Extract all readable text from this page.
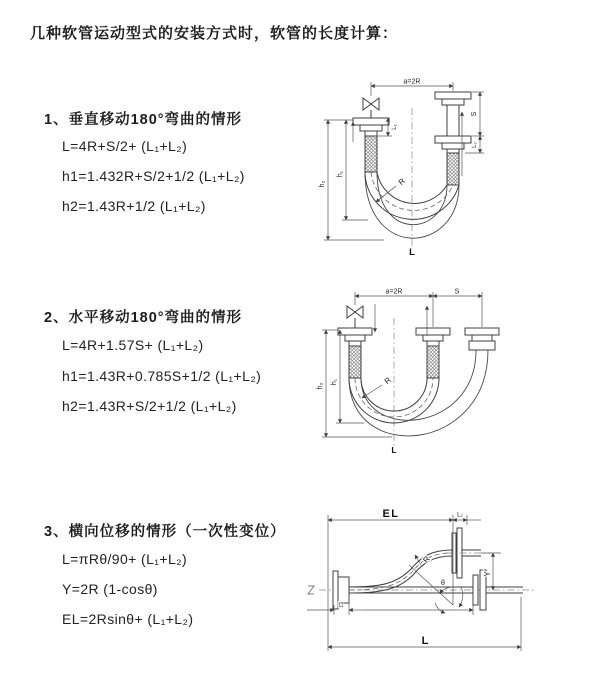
几种软管运动型式的安装方式时，软管的长度计算：
1、垂直移动180°弯曲的情形
L=4R+S/2+ (L₁+L₂)
h1=1.432R+S/2+1/2 (L₁+L₂)
h2=1.43R+1/2 (L₁+L₂)
2、水平移动180°弯曲的情形
L=4R+1.57S+ (L₁+L₂)
h1=1.43R+0.785S+1/2 (L₁+L₂)
h2=1.43R+S/2+1/2 (L₁+L₂)
3、横向位移的情形（一次性变位）
L=πRθ/90+ (L₁+L₂)
Y=2R (1-cosθ)
EL=2Rsinθ+ (L₁+L₂)
a=2R
h₂
h₁
L₁
S
L₂
R
L
a=2R	S
h₂
h₁	R
L
EL	L₂
Y
θ
R
L₁
L
